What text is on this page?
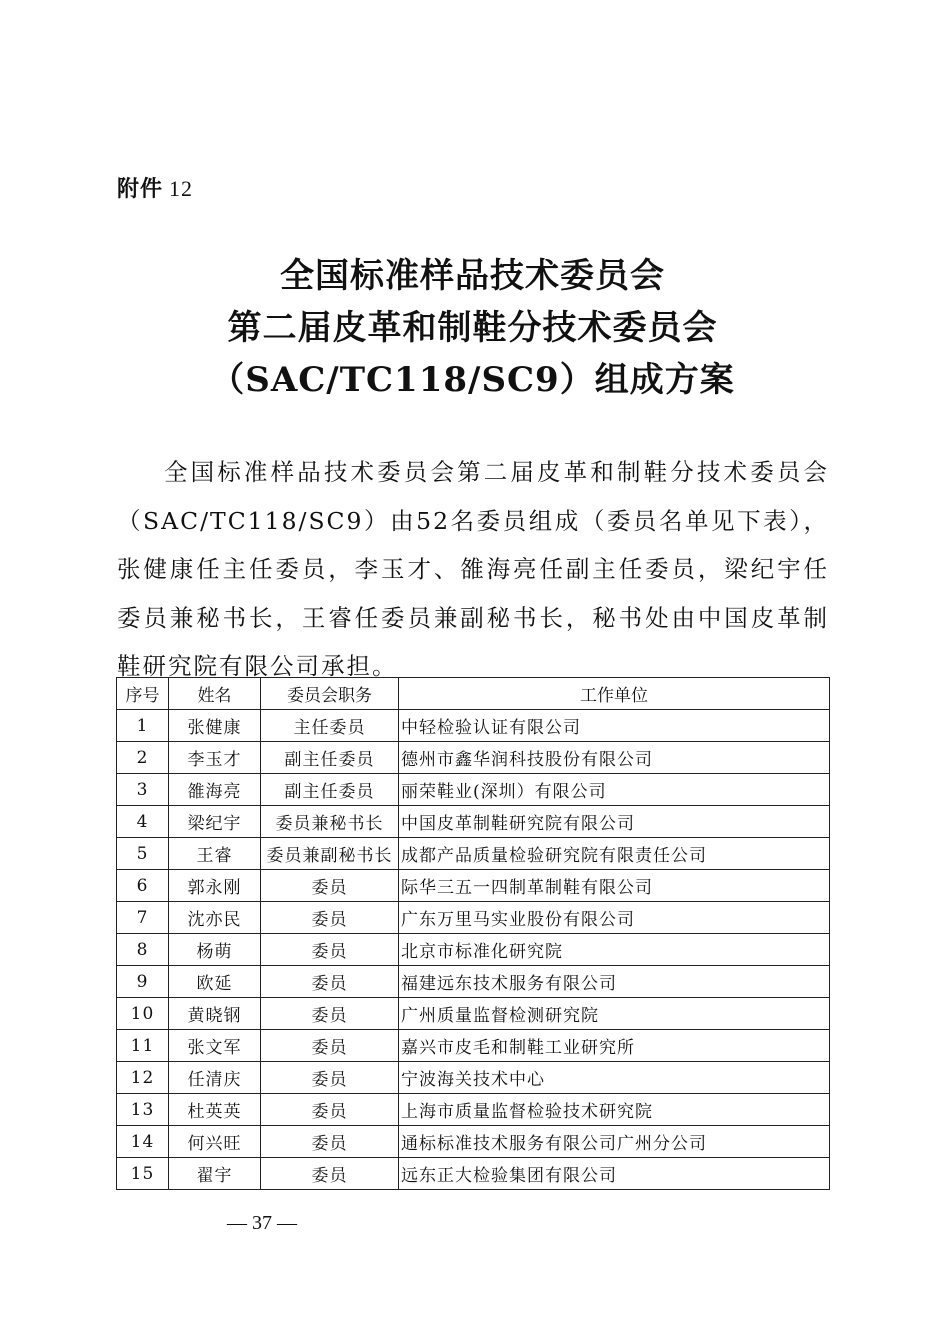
附件 12
全国标准样品技术委员会
第二届皮革和制鞋分技术委员会
（SAC/TC118/SC9）组成方案

全国标准样品技术委员会第二届皮革和制鞋分技术委员会（SAC/TC118/SC9）由52名委员组成（委员名单见下表），张健康任主任委员，李玉才、雒海亮任副主任委员，梁纪宇任委员兼秘书长，王睿任委员兼副秘书长，秘书处由中国皮革制鞋研究院有限公司承担。

序号	姓名	委员会职务	工作单位
1	张健康	主任委员	中轻检验认证有限公司
2	李玉才	副主任委员	德州市鑫华润科技股份有限公司
3	雒海亮	副主任委员	丽荣鞋业(深圳）有限公司
4	梁纪宇	委员兼秘书长	中国皮革制鞋研究院有限公司
5	王睿	委员兼副秘书长	成都产品质量检验研究院有限责任公司
6	郭永刚	委员	际华三五一四制革制鞋有限公司
7	沈亦民	委员	广东万里马实业股份有限公司
8	杨萌	委员	北京市标准化研究院
9	欧延	委员	福建远东技术服务有限公司
10	黄晓钢	委员	广州质量监督检测研究院
11	张文军	委员	嘉兴市皮毛和制鞋工业研究所
12	任清庆	委员	宁波海关技术中心
13	杜英英	委员	上海市质量监督检验技术研究院
14	何兴旺	委员	通标标准技术服务有限公司广州分公司
15	翟宇	委员	远东正大检验集团有限公司
— 37 —
